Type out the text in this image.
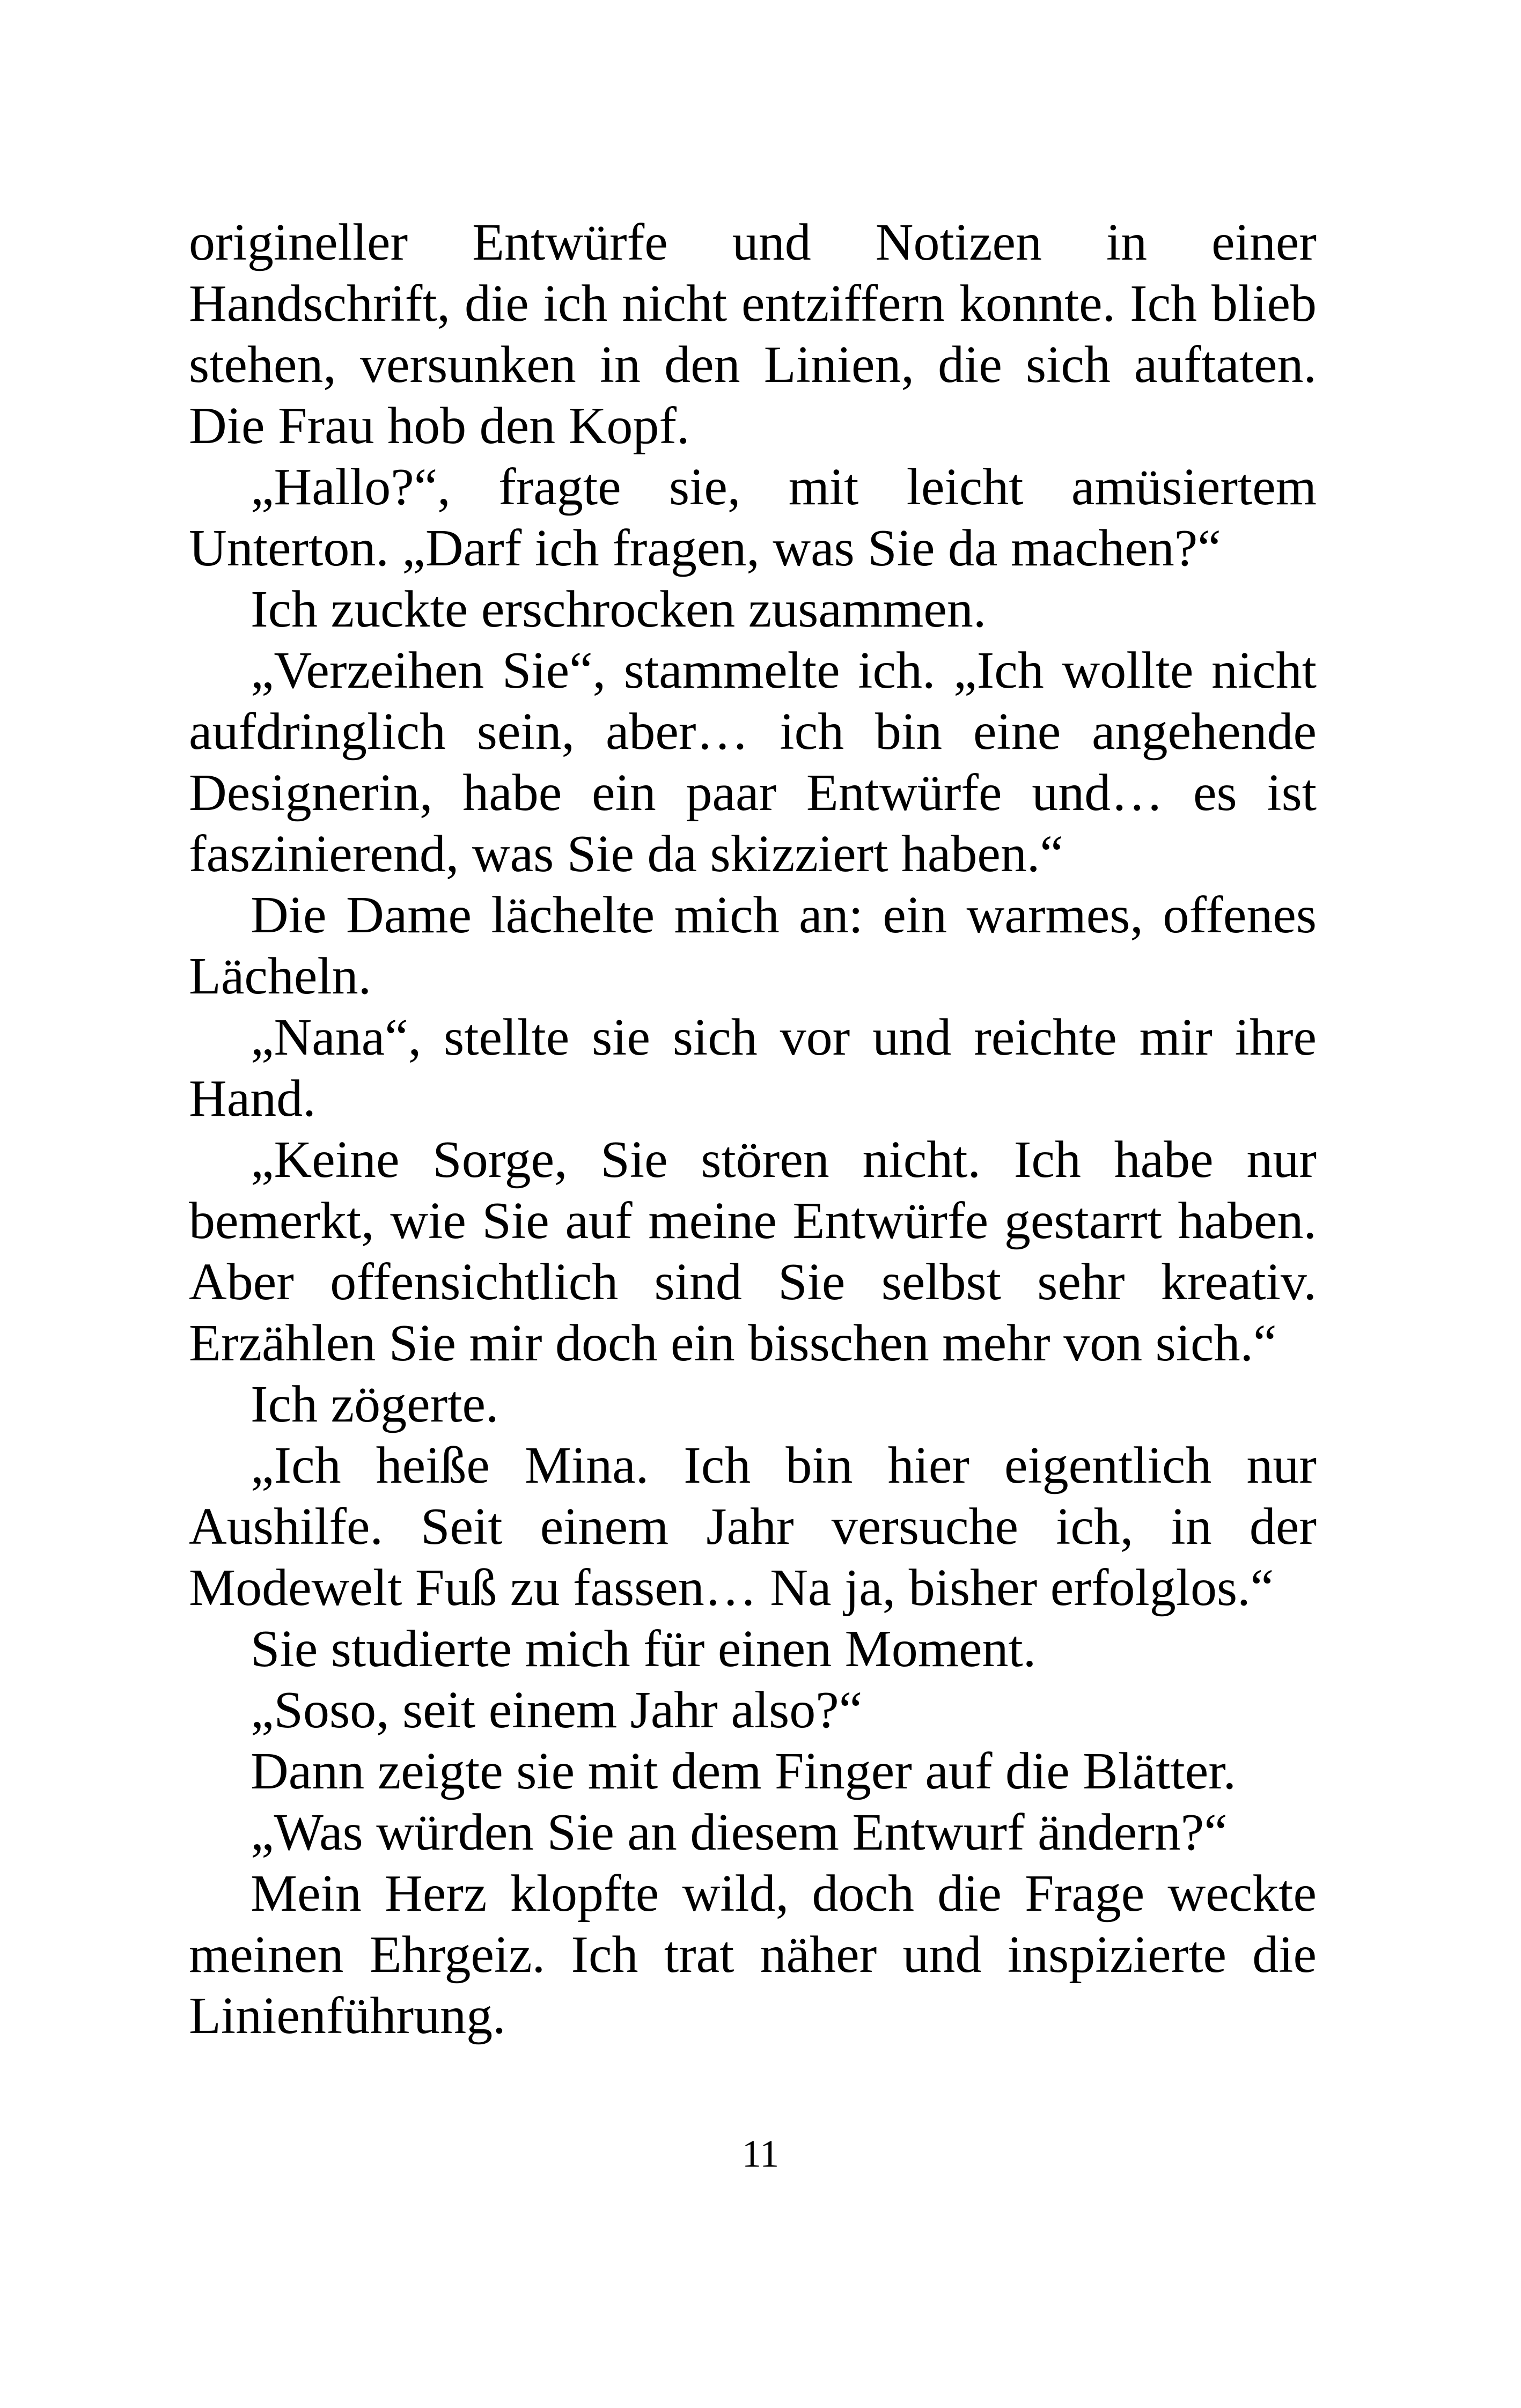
origineller Entwürfe und Notizen in einer Handschrift, die ich nicht entziffern konnte. Ich blieb stehen, versunken in den Linien, die sich auftaten. Die Frau hob den Kopf.

„Hallo?“, fragte sie, mit leicht amüsiertem Unterton. „Darf ich fragen, was Sie da machen?“

Ich zuckte erschrocken zusammen.

„Verzeihen Sie“, stammelte ich. „Ich wollte nicht aufdringlich sein, aber… ich bin eine angehende Designerin, habe ein paar Entwürfe und… es ist faszinierend, was Sie da skizziert haben.“

Die Dame lächelte mich an: ein warmes, offenes Lächeln.

„Nana“, stellte sie sich vor und reichte mir ihre Hand.

„Keine Sorge, Sie stören nicht. Ich habe nur bemerkt, wie Sie auf meine Entwürfe gestarrt haben. Aber offensichtlich sind Sie selbst sehr kreativ. Erzählen Sie mir doch ein bisschen mehr von sich.“

Ich zögerte.

„Ich heiße Mina. Ich bin hier eigentlich nur Aushilfe. Seit einem Jahr versuche ich, in der Modewelt Fuß zu fassen… Na ja, bisher erfolglos.“

Sie studierte mich für einen Moment.

„Soso, seit einem Jahr also?“

Dann zeigte sie mit dem Finger auf die Blätter.

„Was würden Sie an diesem Entwurf ändern?“

Mein Herz klopfte wild, doch die Frage weckte meinen Ehrgeiz. Ich trat näher und inspizierte die Linienführung.

11
